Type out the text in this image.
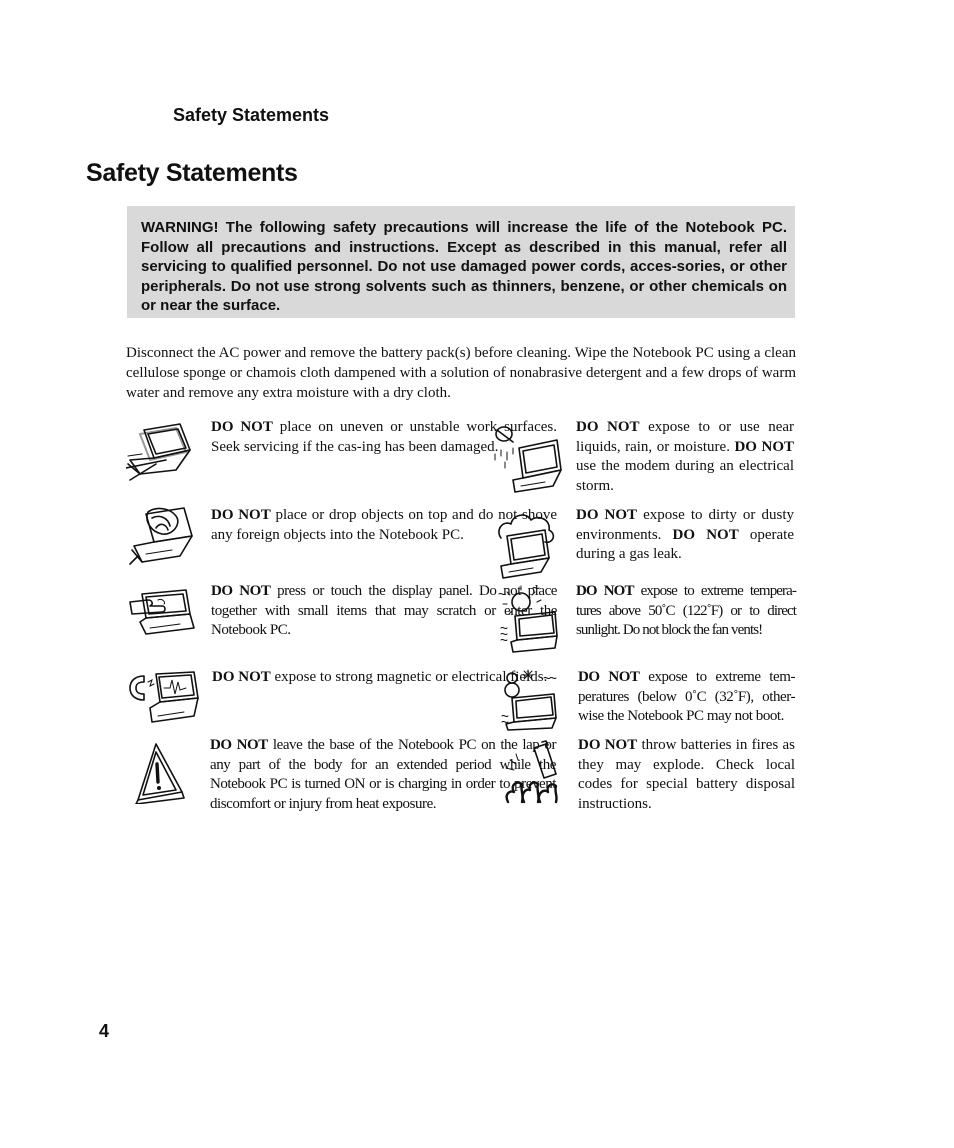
Safety Statements

Safety Statements

WARNING! The following safety precautions will increase the life of the Notebook PC. Follow all precautions and instructions. Except as described in this manual, refer all servicing to qualified personnel. Do not use damaged power cords, acces-sories, or other peripherals. Do not use strong solvents such as thinners, benzene, or other chemicals on or near the surface.

Disconnect the AC power and remove the battery pack(s) before cleaning. Wipe the Notebook PC using a clean cellulose sponge or chamois cloth dampened with a solution of nonabrasive detergent and a few drops of warm water and remove any extra moisture with a dry cloth.

DO NOT place on uneven or unstable work surfaces. Seek servicing if the cas-ing has been damaged.

DO NOT expose to or use near liquids, rain, or moisture. DO NOT use the modem during an electrical storm.

DO NOT place or drop objects on top and do not shove any foreign objects into the Notebook PC.

DO NOT expose to dirty or dusty environments. DO NOT operate during a gas leak.

DO NOT press or touch the display panel. Do not place together with small items that may scratch or enter the Notebook PC.

DO NOT expose to extreme tempera-tures above 50˚C (122˚F) or to direct sunlight. Do not block the fan vents!

DO NOT expose to strong magnetic or electrical fields.	DO NOT expose to extreme tem-peratures (below 0˚C (32˚F), other-wise the Notebook PC may not boot.

DO NOT leave the base of the Notebook PC on the lap or any part of the body for an extended period while the Notebook PC is turned ON or is charging in order to prevent discomfort or injury from heat exposure.

DO NOT throw batteries in fires as they may explode. Check local codes for special battery disposal instructions.

4
